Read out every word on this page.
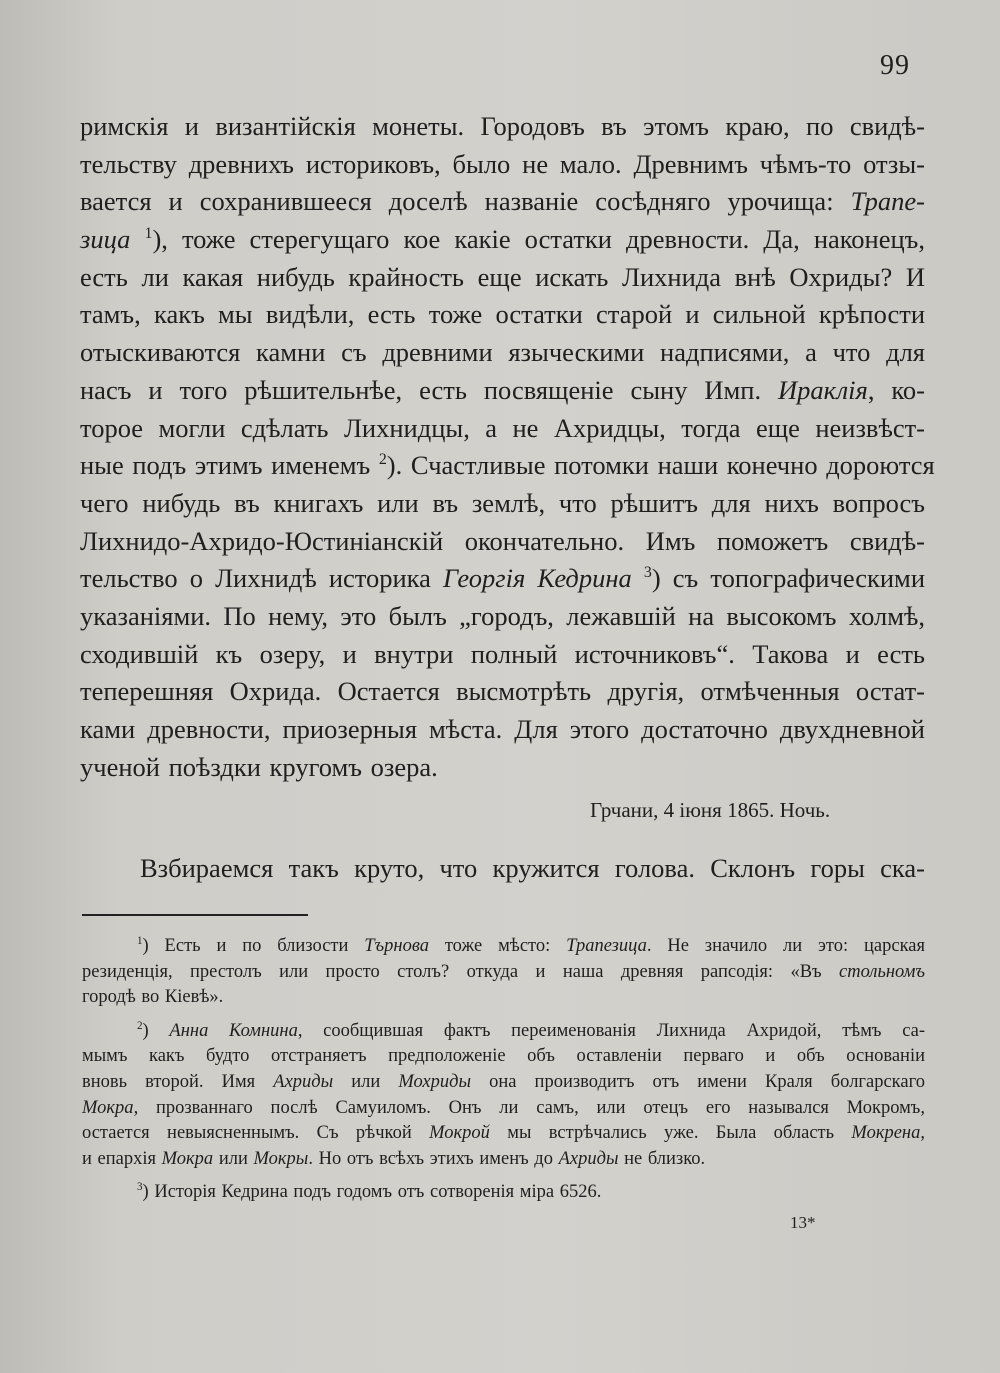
99
римскія и византійскія монеты. Городовъ въ этомъ краю, по свидѣ-
тельству древнихъ историковъ, было не мало. Древнимъ чѣмъ-то отзы-
вается и сохранившееся доселѣ названіе сосѣдняго урочища: Трапе-
зица $^1$), тоже стерегущаго кое какіе остатки древности. Да, наконецъ,
есть ли какая нибудь крайность еще искать Лихнида внѣ Охриды? И
тамъ, какъ мы видѣли, есть тоже остатки старой и сильной крѣпости
отыскиваются камни съ древними языческими надписями, а что для
насъ и того рѣшительнѣе, есть посвященіе сыну Имп. Ираклія, ко-
торое могли сдѣлать Лихнидцы, а не Ахридцы, тогда еще неизвѣст-
ные подъ этимъ именемъ $^2$). Счастливые потомки наши конечно дороются
чего нибудь въ книгахъ или въ землѣ, что рѣшитъ для нихъ вопросъ
Лихнидо-Ахридо-Юстиніанскій окончательно. Имъ поможетъ свидѣ-
тельство о Лихнидѣ историка Георгія Кедрина $^3$) съ топографическими
указаніями. По нему, это былъ „городъ, лежавшій на высокомъ холмѣ,
сходившій къ озеру, и внутри полный источниковъ“. Такова и есть
теперешняя Охрида. Остается высмотрѣть другія, отмѣченныя остат-
ками древности, приозерныя мѣста. Для этого достаточно двухдневной
ученой поѣздки кругомъ озера.
Грчани, 4 іюня 1865. Ночь.
Взбираемся такъ круто, что кружится голова. Склонъ горы ска-
$^1$) Есть и по близости Търнова тоже мѣсто: Трапезица. Не значило ли это: царская
резиденція, престолъ или просто столъ? откуда и наша древняя рапсодія: «Въ стольномъ
городѣ во Кіевѣ».
$^2$) Анна Комнина, сообщившая фактъ переименованія Лихнида Ахридой, тѣмъ са-
мымъ какъ будто отстраняетъ предположеніе объ оставленіи перваго и объ основаніи
вновь второй. Имя Ахриды или Мохриды она производитъ отъ имени Краля болгарскаго
Мокра, прозваннаго послѣ Самуиломъ. Онъ ли самъ, или отецъ его назывался Мокромъ,
остается невыясненнымъ. Съ рѣчкой Мокрой мы встрѣчались уже. Была область Мокрена,
и епархія Мокра или Мокры. Но отъ всѣхъ этихъ именъ до Ахриды не близко.
$^3$) Исторія Кедрина подъ годомъ отъ сотворенія міра 6526.
13*
